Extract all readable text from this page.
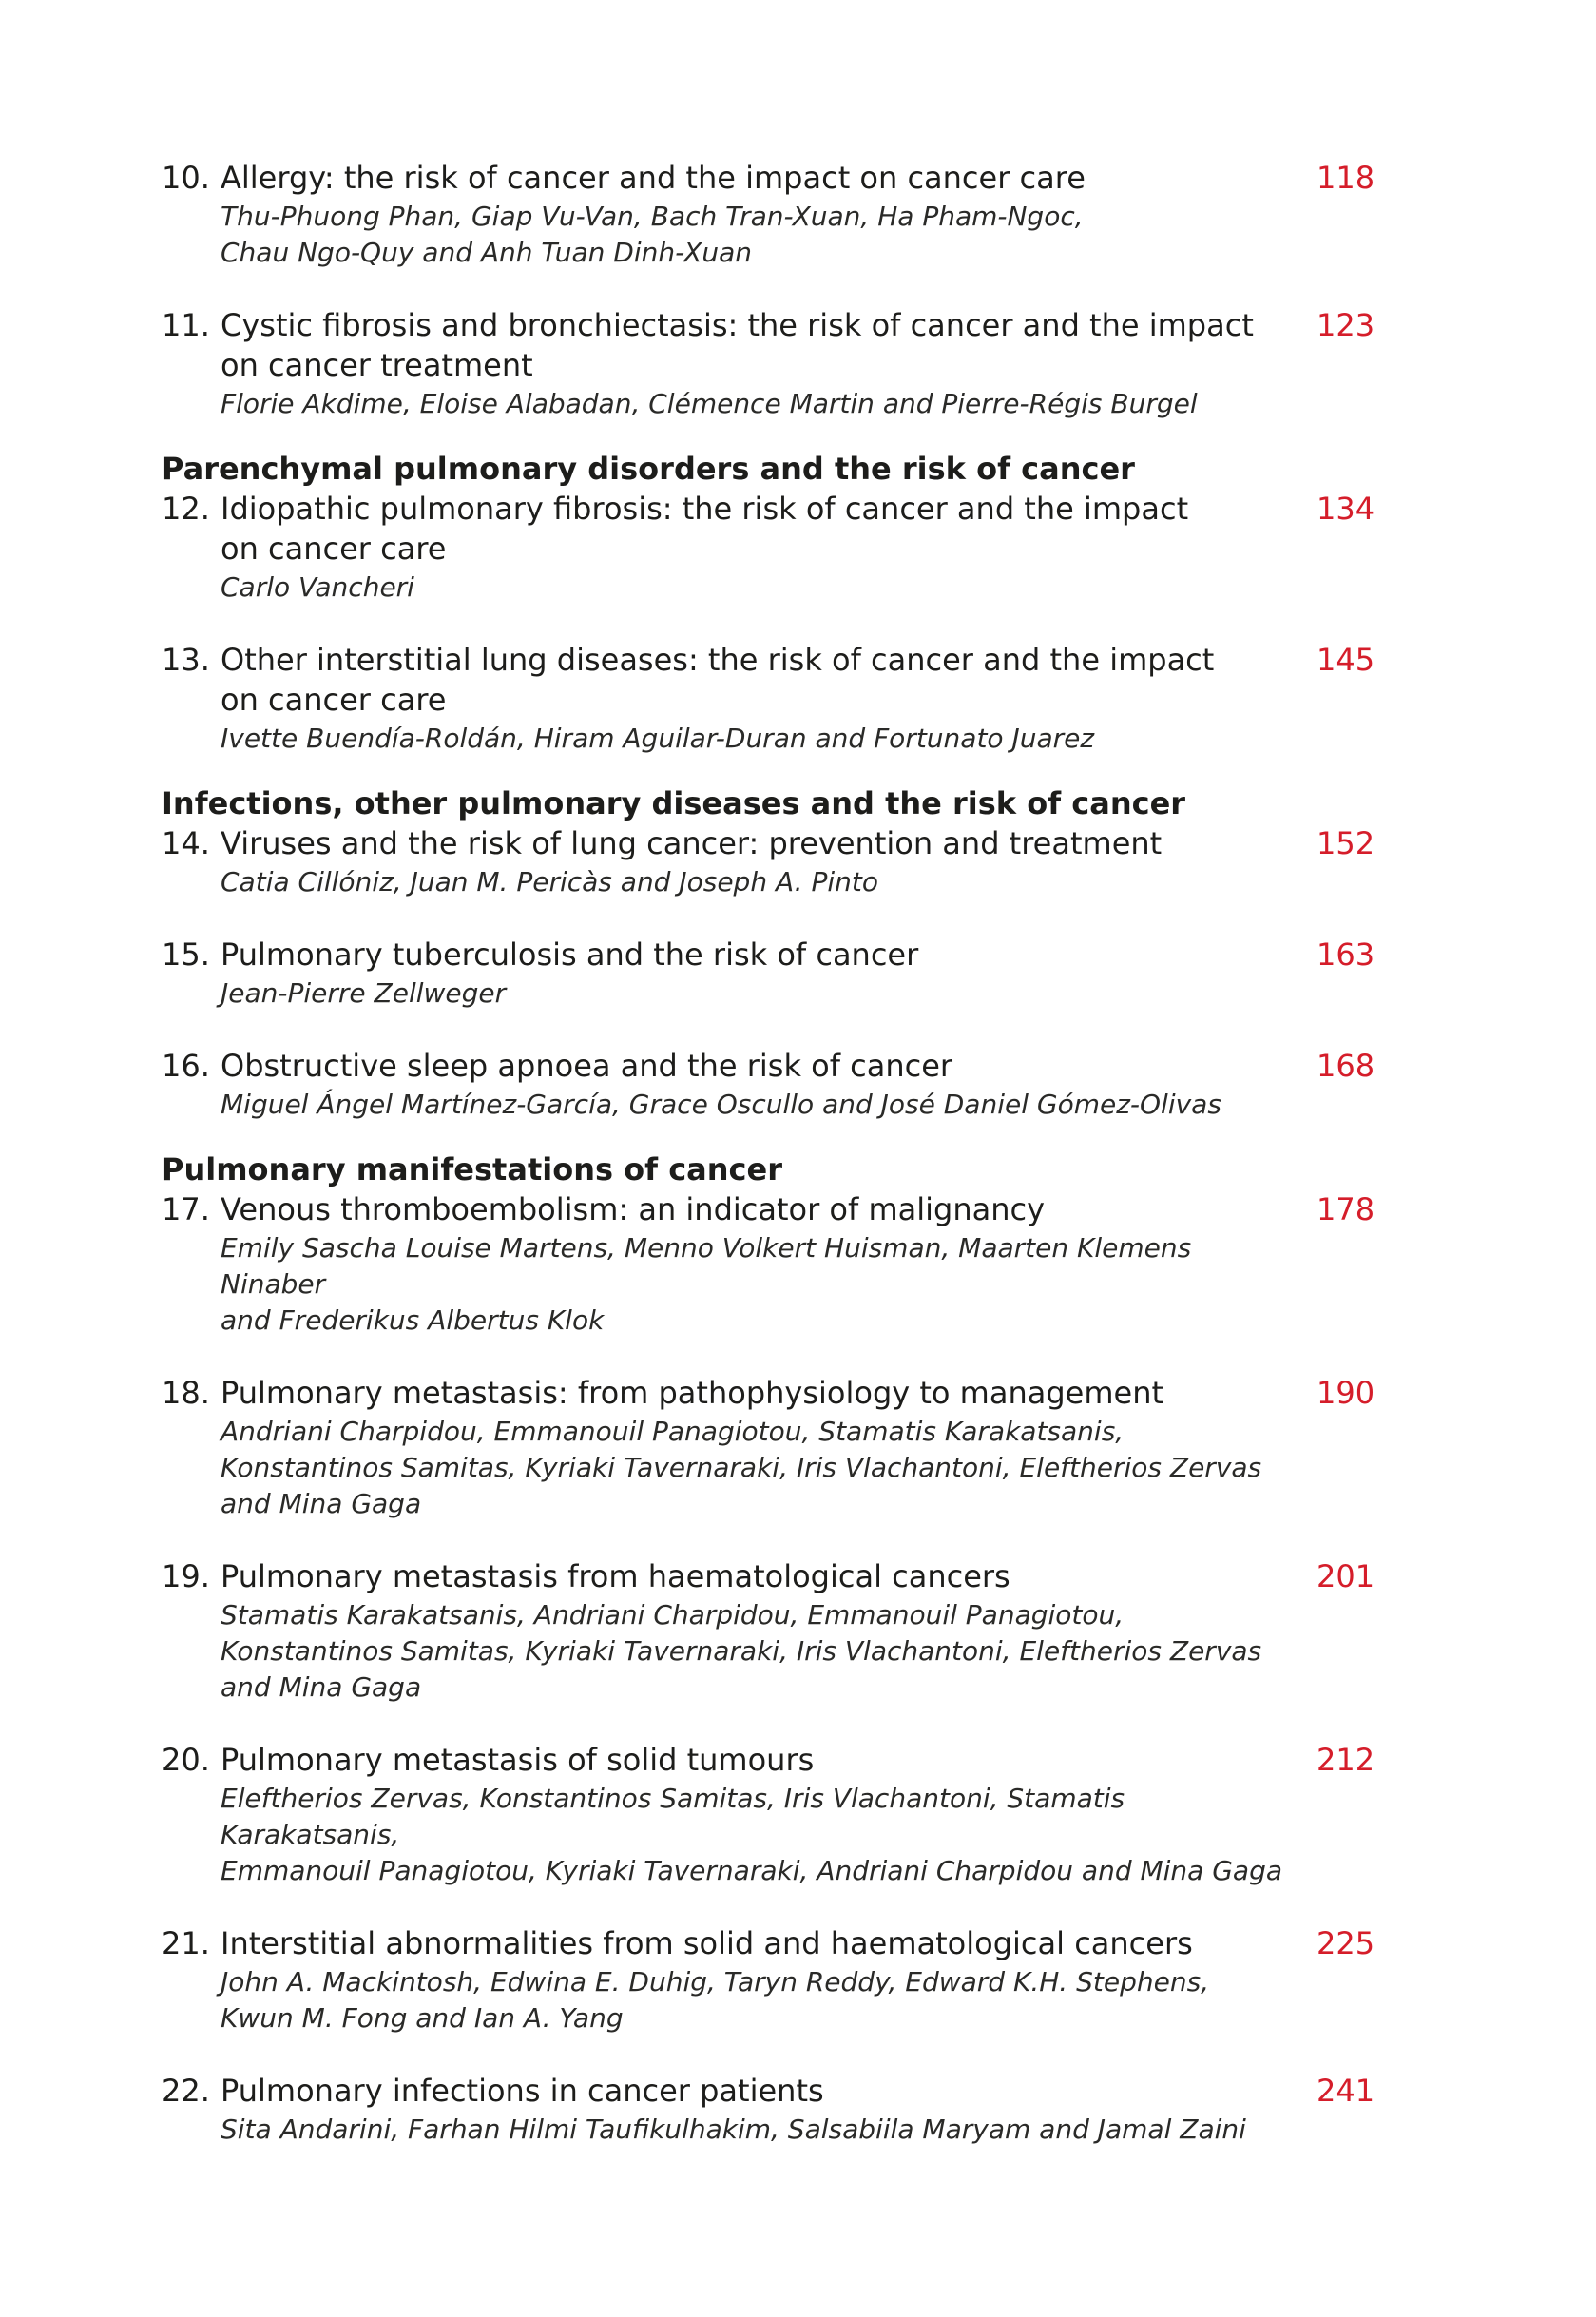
10. Allergy: the risk of cancer and the impact on cancer care
Thu-Phuong Phan, Giap Vu-Van, Bach Tran-Xuan, Ha Pham-Ngoc,
Chau Ngo-Quy and Anh Tuan Dinh-Xuan
118
11. Cystic fibrosis and bronchiectasis: the risk of cancer and the impact
on cancer treatment
Florie Akdime, Eloise Alabadan, Clémence Martin and Pierre-Régis Burgel
123
Parenchymal pulmonary disorders and the risk of cancer
12. Idiopathic pulmonary fibrosis: the risk of cancer and the impact
on cancer care
Carlo Vancheri
134
13. Other interstitial lung diseases: the risk of cancer and the impact
on cancer care
Ivette Buendía-Roldán, Hiram Aguilar-Duran and Fortunato Juarez
145
Infections, other pulmonary diseases and the risk of cancer
14. Viruses and the risk of lung cancer: prevention and treatment
Catia Cillóniz, Juan M. Pericàs and Joseph A. Pinto
152
15. Pulmonary tuberculosis and the risk of cancer
Jean-Pierre Zellweger
163
16. Obstructive sleep apnoea and the risk of cancer
Miguel Ángel Martínez-García, Grace Oscullo and José Daniel Gómez-Olivas
168
Pulmonary manifestations of cancer
17. Venous thromboembolism: an indicator of malignancy
Emily Sascha Louise Martens, Menno Volkert Huisman, Maarten Klemens Ninaber
and Frederikus Albertus Klok
178
18. Pulmonary metastasis: from pathophysiology to management
Andriani Charpidou, Emmanouil Panagiotou, Stamatis Karakatsanis,
Konstantinos Samitas, Kyriaki Tavernaraki, Iris Vlachantoni, Eleftherios Zervas
and Mina Gaga
190
19. Pulmonary metastasis from haematological cancers
Stamatis Karakatsanis, Andriani Charpidou, Emmanouil Panagiotou,
Konstantinos Samitas, Kyriaki Tavernaraki, Iris Vlachantoni, Eleftherios Zervas
and Mina Gaga
201
20. Pulmonary metastasis of solid tumours
Eleftherios Zervas, Konstantinos Samitas, Iris Vlachantoni, Stamatis Karakatsanis,
Emmanouil Panagiotou, Kyriaki Tavernaraki, Andriani Charpidou and Mina Gaga
212
21. Interstitial abnormalities from solid and haematological cancers
John A. Mackintosh, Edwina E. Duhig, Taryn Reddy, Edward K.H. Stephens,
Kwun M. Fong and Ian A. Yang
225
22. Pulmonary infections in cancer patients
Sita Andarini, Farhan Hilmi Taufikulhakim, Salsabiila Maryam and Jamal Zaini
241
